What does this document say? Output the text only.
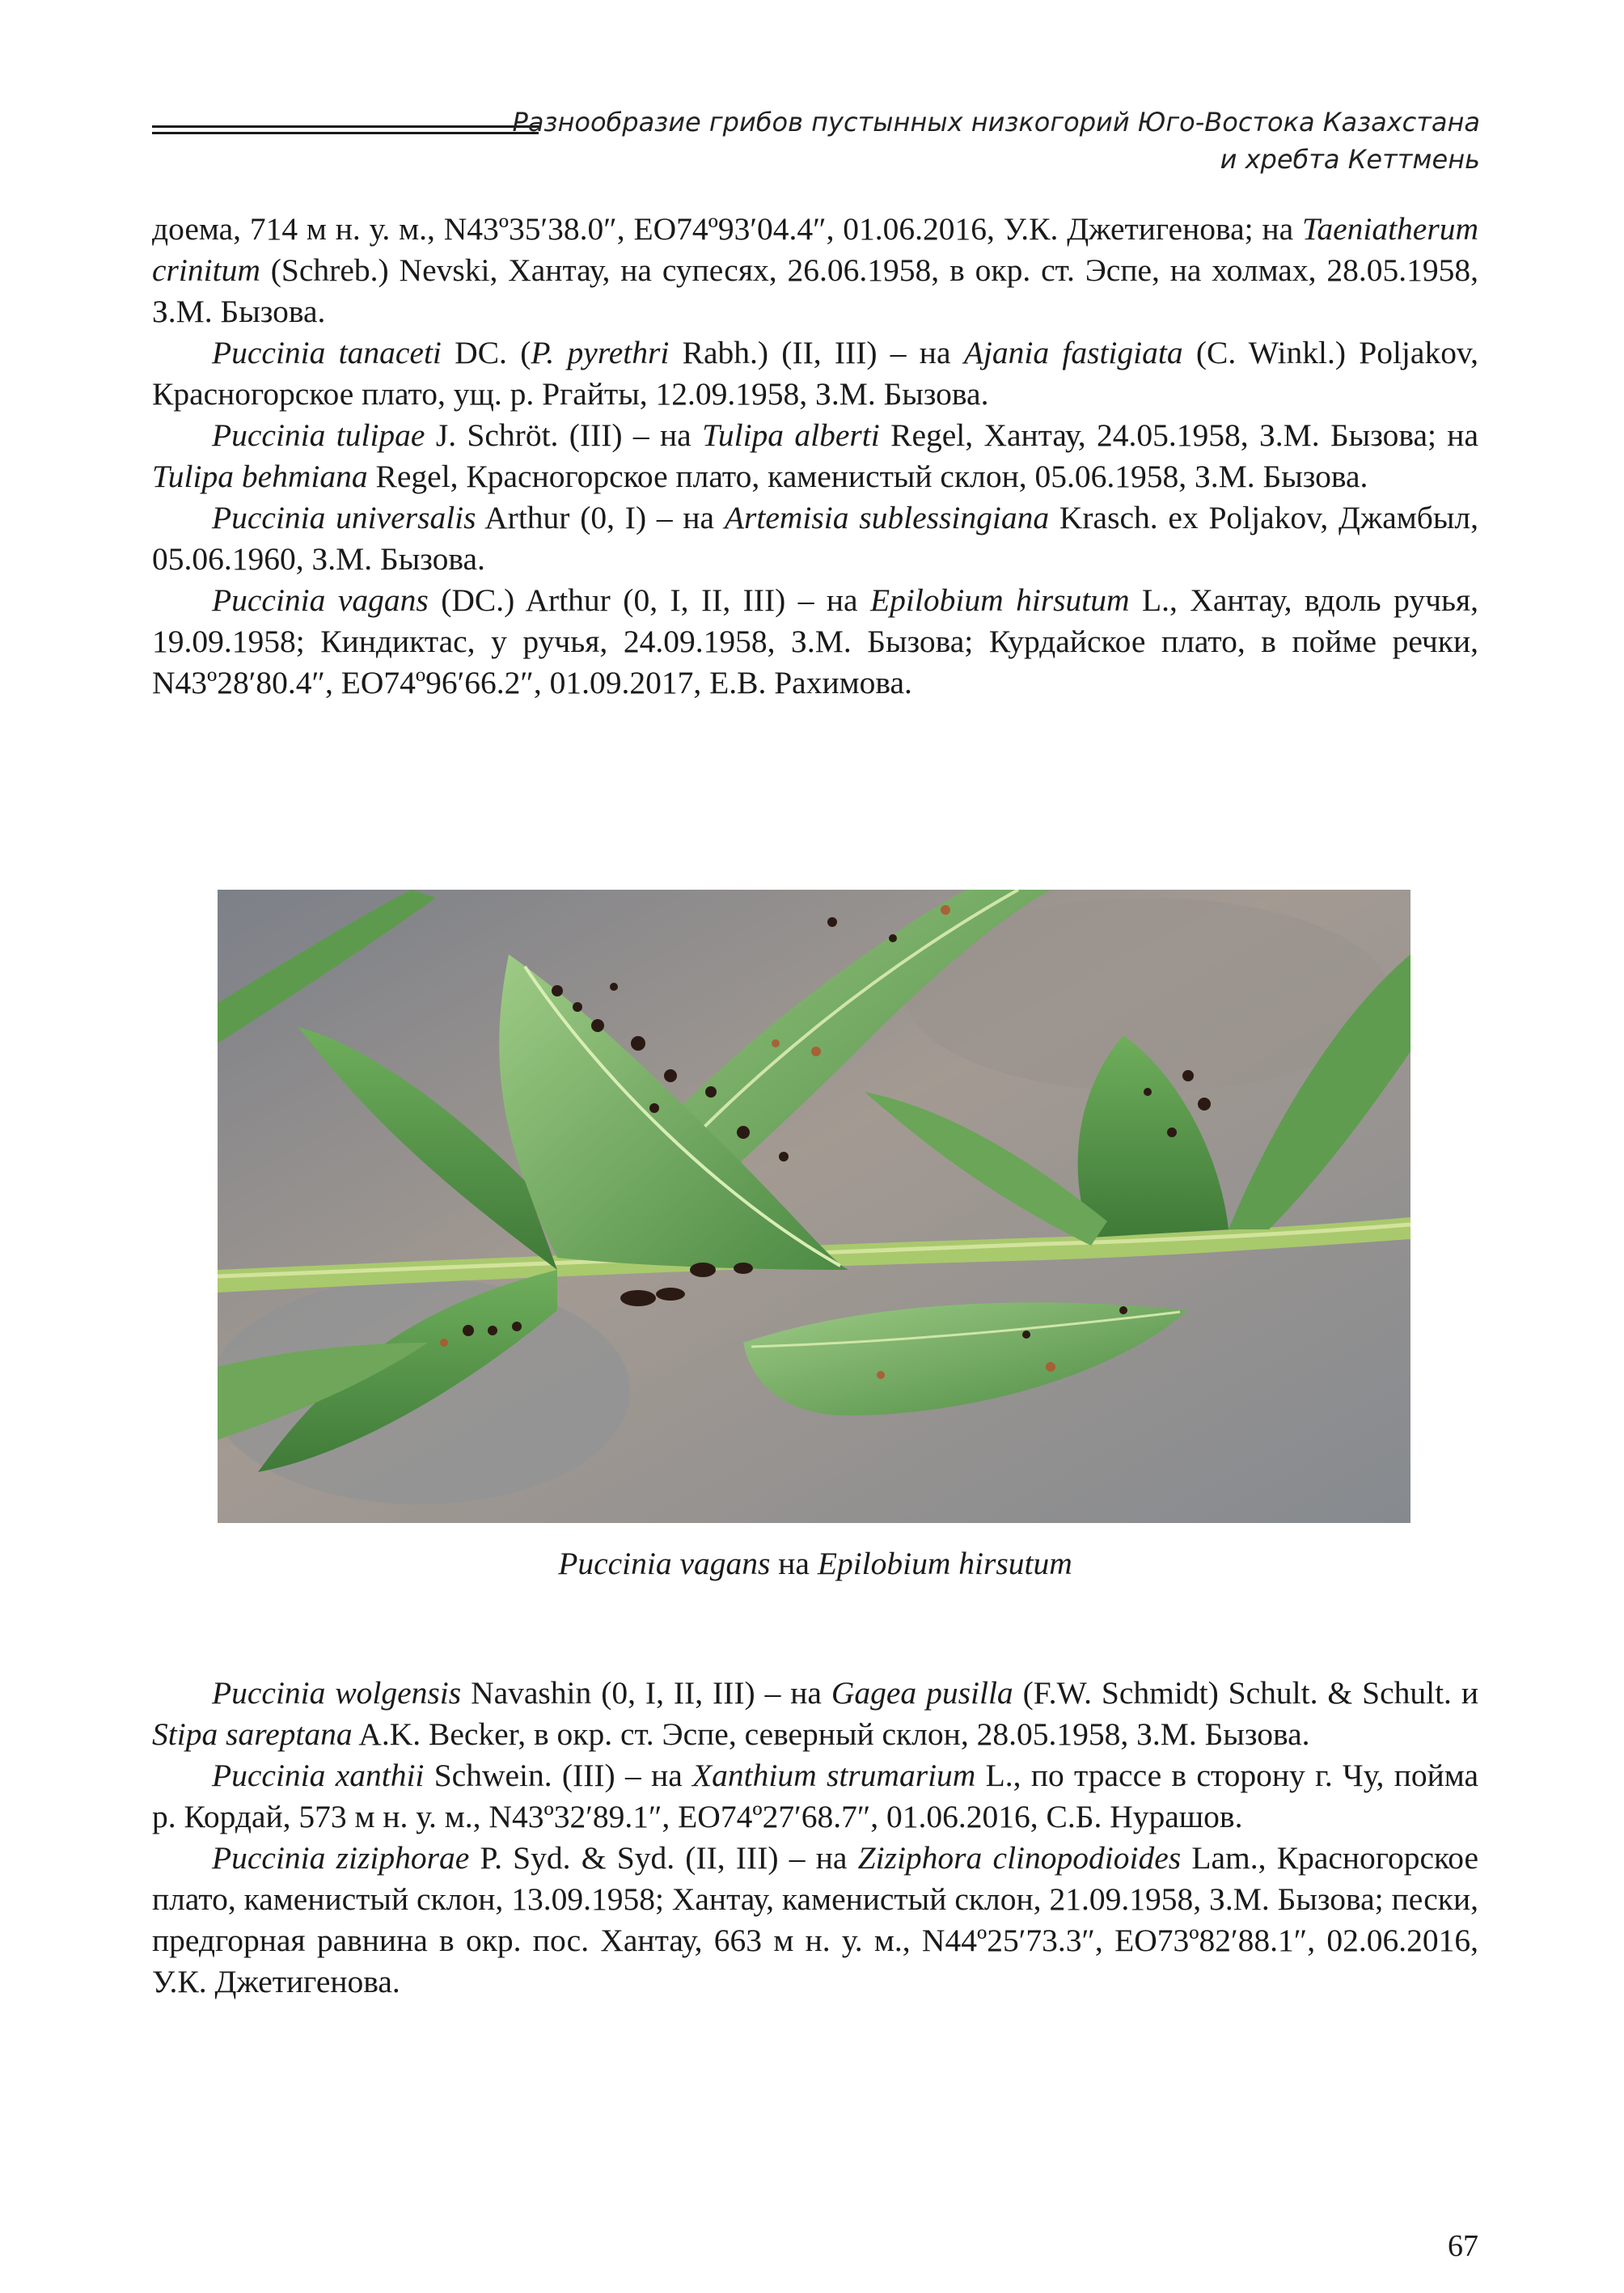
Разнообразие грибов пустынных низкогорий Юго-Востока Казахстана
и хребта Кеттмень

доема, 714 м н. у. м., N43º35′38.0″, EO74º93′04.4″, 01.06.2016, У.К. Джетигенова; на Taeniatherum crinitum (Schreb.) Nevski, Хантау, на супесях, 26.06.1958, в окр. ст. Эспе, на холмах, 28.05.1958, З.М. Бызова.

Puccinia tanaceti DC. (P. pyrethri Rabh.) (II, III) – на Ajania fastigiata (C. Winkl.) Poljakov, Красногорское плато, ущ. р. Ргайты, 12.09.1958, З.М. Бызова.

Puccinia tulipae J. Schröt. (III) – на Tulipa alberti Regel, Хантау, 24.05.1958, З.М. Бызова; на Tulipa behmiana Regel, Красногорское плато, каменистый склон, 05.06.1958, З.М. Бызова.

Puccinia universalis Arthur (0, I) – на Artemisia sublessingiana Krasch. ex Poljakov, Джамбыл, 05.06.1960, З.М. Бызова.

Puccinia vagans (DC.) Arthur (0, I, II, III) – на Epilobium hirsutum L., Хантау, вдоль ручья, 19.09.1958; Киндиктас, у ручья, 24.09.1958, З.М. Бызова; Курдайское плато, в пойме речки, N43º28′80.4″, EO74º96′66.2″, 01.09.2017, Е.В. Рахимова.

Puccinia vagans на Epilobium hirsutum

Puccinia wolgensis Navashin (0, I, II, III) – на Gagea pusilla (F.W. Schmidt) Schult. & Schult. и Stipa sareptana A.K. Becker, в окр. ст. Эспе, северный склон, 28.05.1958, З.М. Бызова.

Puccinia xanthii Schwein. (III) – на Xanthium strumarium L., по трассе в сторону г. Чу, пойма р. Кордай, 573 м н. у. м., N43º32′89.1″, EO74º27′68.7″, 01.06.2016, С.Б. Нурашов.

Puccinia ziziphorae P. Syd. & Syd. (II, III) – на Ziziphora clinopodioides Lam., Красногорское плато, каменистый склон, 13.09.1958; Хантау, каменистый склон, 21.09.1958, З.М. Бызова; пески, предгорная равнина в окр. пос. Хантау, 663 м н. у. м., N44º25′73.3″, EO73º82′88.1″, 02.06.2016, У.К. Джетигенова.

67
